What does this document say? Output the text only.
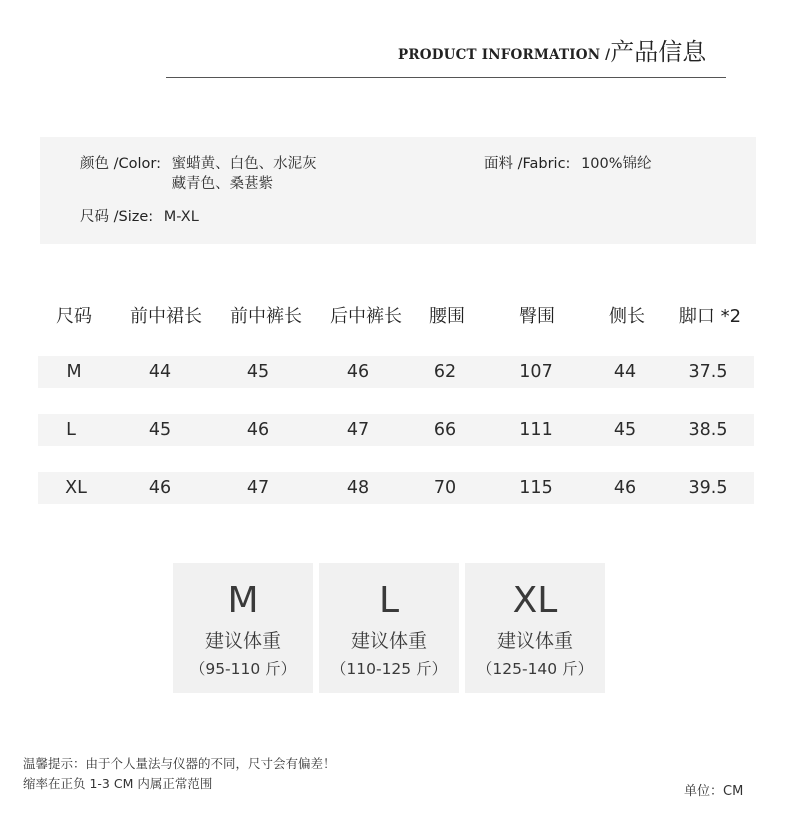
PRODUCT INFORMATION / 产品信息
颜色 /Color: 蜜蜡黄、白色、水泥灰
藏青色、桑葚紫
面料 /Fabric: 100%锦纶
尺码 /Size: M-XL
尺码 前中裙长 前中裤长 后中裤长 腰围	臀围	侧长 脚口 *2
M	44	45	46	62	107	44	37.5
L	45	46	47	66	111	45	38.5
XL	46	47	48	70	115	46	39.5
M
建议体重
（95-110 斤）
L
建议体重
（110-125 斤）
XL
建议体重
（125-140 斤）
温馨提示：由于个人量法与仪器的不同，尺寸会有偏差！
缩率在正负 1-3 CM 内属正常范围
单位：CM
